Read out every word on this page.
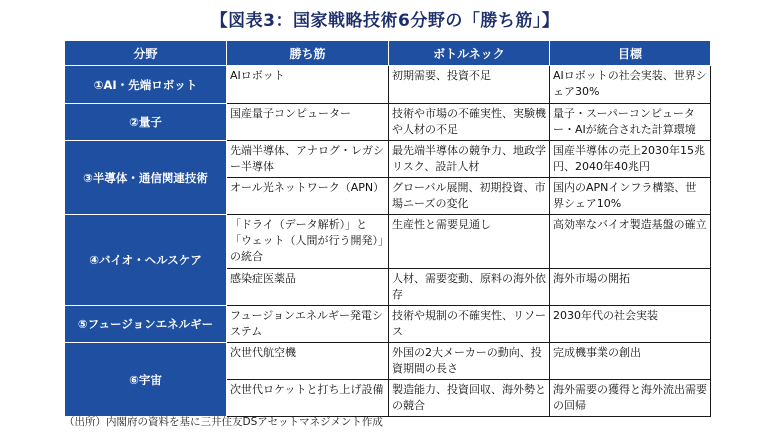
【図表3：国家戦略技術6分野の「勝ち筋」】
分野	勝ち筋	ボトルネック	目標
①AI・先端ロボット	AIロボット	初期需要、投資不足	AIロボットの社会実装、世界シェア30%
②量子	国産量子コンピューター	技術や市場の不確実性、実験機や人材の不足	量子・スーパーコンピューター・AIが統合された計算環境
③半導体・通信関連技術	先端半導体、アナログ・レガシー半導体	最先端半導体の競争力、地政学リスク、設計人材	国産半導体の売上2030年15兆円、2040年40兆円
	オール光ネットワーク（APN）	グローバル展開、初期投資、市場ニーズの変化	国内のAPNインフラ構築、世界シェア10%
④バイオ・ヘルスケア	「ドライ（データ解析）」と「ウェット（人間が行う開発）」の統合	生産性と需要見通し	高効率なバイオ製造基盤の確立
	感染症医薬品	人材、需要変動、原料の海外依存	海外市場の開拓
⑤フュージョンエネルギー	フュージョンエネルギー発電システム	技術や規制の不確実性、リソース	2030年代の社会実装
⑥宇宙	次世代航空機	外国の2大メーカーの動向、投資期間の長さ	完成機事業の創出
	次世代ロケットと打ち上げ設備	製造能力、投資回収、海外勢との競合	海外需要の獲得と海外流出需要の回帰
（出所）内閣府の資料を基に三井住友DSアセットマネジメント作成
